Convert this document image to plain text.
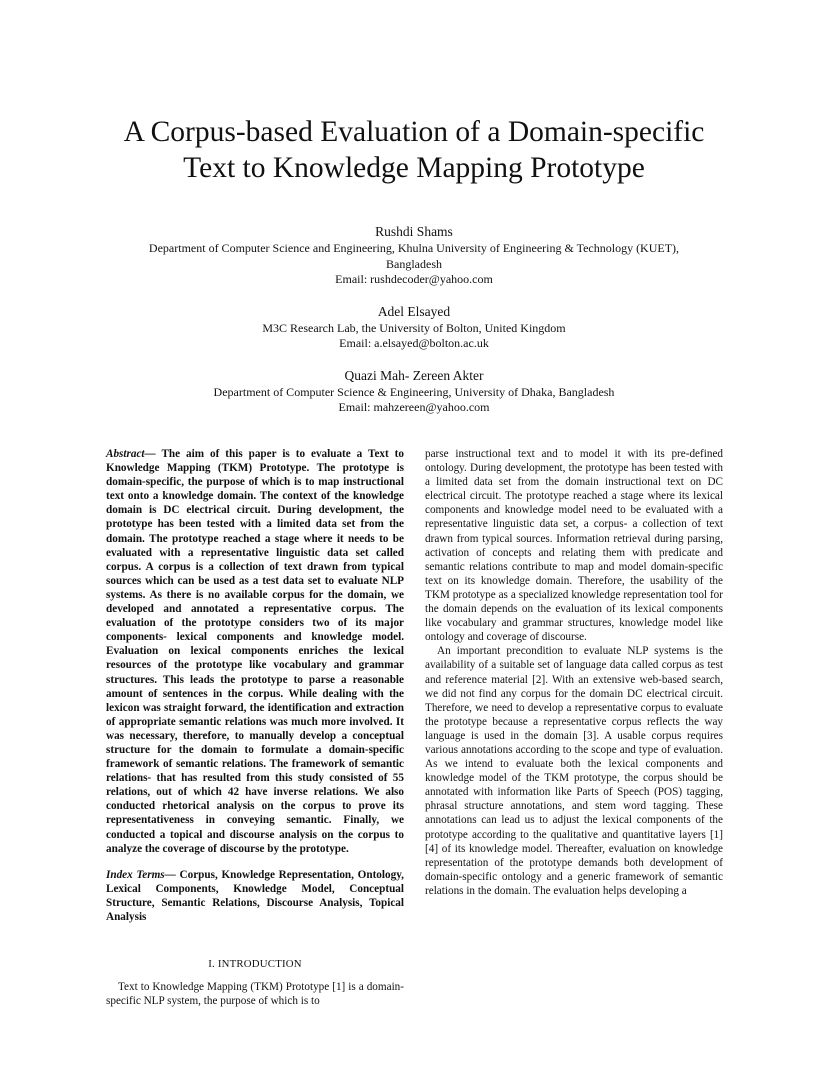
A Corpus-based Evaluation of a Domain-specific
Text to Knowledge Mapping Prototype
Rushdi Shams
Department of Computer Science and Engineering, Khulna University of Engineering & Technology (KUET),
Bangladesh
Email: rushdecoder@yahoo.com
Adel Elsayed
M3C Research Lab, the University of Bolton, United Kingdom
Email: a.elsayed@bolton.ac.uk
Quazi Mah- Zereen Akter
Department of Computer Science & Engineering, University of Dhaka, Bangladesh
Email: mahzereen@yahoo.com

Abstract— The aim of this paper is to evaluate a Text to Knowledge Mapping (TKM) Prototype. The prototype is domain-specific, the purpose of which is to map instructional text onto a knowledge domain. The context of the knowledge domain is DC electrical circuit. During development, the prototype has been tested with a limited data set from the domain. The prototype reached a stage where it needs to be evaluated with a representative linguistic data set called corpus. A corpus is a collection of text drawn from typical sources which can be used as a test data set to evaluate NLP systems. As there is no available corpus for the domain, we developed and annotated a representative corpus. The evaluation of the prototype considers two of its major components- lexical components and knowledge model. Evaluation on lexical components enriches the lexical resources of the prototype like vocabulary and grammar structures. This leads the prototype to parse a reasonable amount of sentences in the corpus. While dealing with the lexicon was straight forward, the identification and extraction of appropriate semantic relations was much more involved. It was necessary, therefore, to manually develop a conceptual structure for the domain to formulate a domain-specific framework of semantic relations. The framework of semantic relations- that has resulted from this study consisted of 55 relations, out of which 42 have inverse relations. We also conducted rhetorical analysis on the corpus to prove its representativeness in conveying semantic. Finally, we conducted a topical and discourse analysis on the corpus to analyze the coverage of discourse by the prototype.

Index Terms— Corpus, Knowledge Representation, Ontology, Lexical Components, Knowledge Model, Conceptual Structure, Semantic Relations, Discourse Analysis, Topical Analysis

I. INTRODUCTION

Text to Knowledge Mapping (TKM) Prototype [1] is a domain-specific NLP system, the purpose of which is to

parse instructional text and to model it with its pre-defined ontology. During development, the prototype has been tested with a limited data set from the domain instructional text on DC electrical circuit. The prototype reached a stage where its lexical components and knowledge model need to be evaluated with a representative linguistic data set, a corpus- a collection of text drawn from typical sources. Information retrieval during parsing, activation of concepts and relating them with predicate and semantic relations contribute to map and model domain-specific text on its knowledge domain. Therefore, the usability of the TKM prototype as a specialized knowledge representation tool for the domain depends on the evaluation of its lexical components like vocabulary and grammar structures, knowledge model like ontology and coverage of discourse.

An important precondition to evaluate NLP systems is the availability of a suitable set of language data called corpus as test and reference material [2]. With an extensive web-based search, we did not find any corpus for the domain DC electrical circuit. Therefore, we need to develop a representative corpus to evaluate the prototype because a representative corpus reflects the way language is used in the domain [3]. A usable corpus requires various annotations according to the scope and type of evaluation. As we intend to evaluate both the lexical components and knowledge model of the TKM prototype, the corpus should be annotated with information like Parts of Speech (POS) tagging, phrasal structure annotations, and stem word tagging. These annotations can lead us to adjust the lexical components of the prototype according to the qualitative and quantitative layers [1] [4] of its knowledge model. Thereafter, evaluation on knowledge representation of the prototype demands both development of domain-specific ontology and a generic framework of semantic relations in the domain. The evaluation helps developing a
